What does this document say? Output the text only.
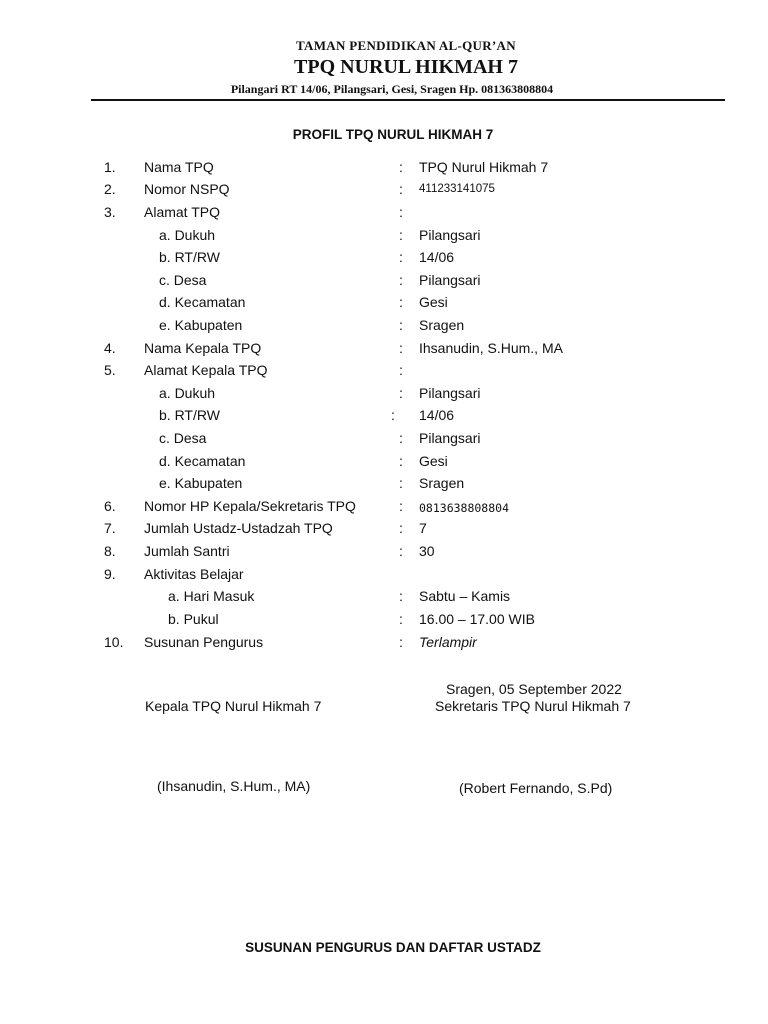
TAMAN PENDIDIKAN AL-QUR’AN
TPQ NURUL HIKMAH 7
Pilangari RT 14/06, Pilangsari, Gesi, Sragen Hp. 081363808804
PROFIL TPQ NURUL HIKMAH 7
1. Nama TPQ	: TPQ Nurul Hikmah 7
2. Nomor NSPQ	: 411233141075
3. Alamat TPQ	:
a. Dukuh	: Pilangsari
b. RT/RW	: 14/06
c. Desa	: Pilangsari
d. Kecamatan	: Gesi
e. Kabupaten	: Sragen
4. Nama Kepala TPQ	: Ihsanudin, S.Hum., MA
5. Alamat Kepala TPQ	:
a. Dukuh	: Pilangsari
b. RT/RW	: 14/06
c. Desa	: Pilangsari
d. Kecamatan	: Gesi
e. Kabupaten	: Sragen
6. Nomor HP Kepala/Sekretaris TPQ	: 0813638808804
7. Jumlah Ustadz-Ustadzah TPQ	: 7
8. Jumlah Santri	: 30
9. Aktivitas Belajar
a. Hari Masuk	: Sabtu – Kamis
b. Pukul	: 16.00 – 17.00 WIB
10. Susunan Pengurus	: Terlampir
Sragen, 05 September 2022
Kepala TPQ Nurul Hikmah 7	Sekretaris TPQ Nurul Hikmah 7
(Ihsanudin, S.Hum., MA)	(Robert Fernando, S.Pd)
SUSUNAN PENGURUS DAN DAFTAR USTADZ
